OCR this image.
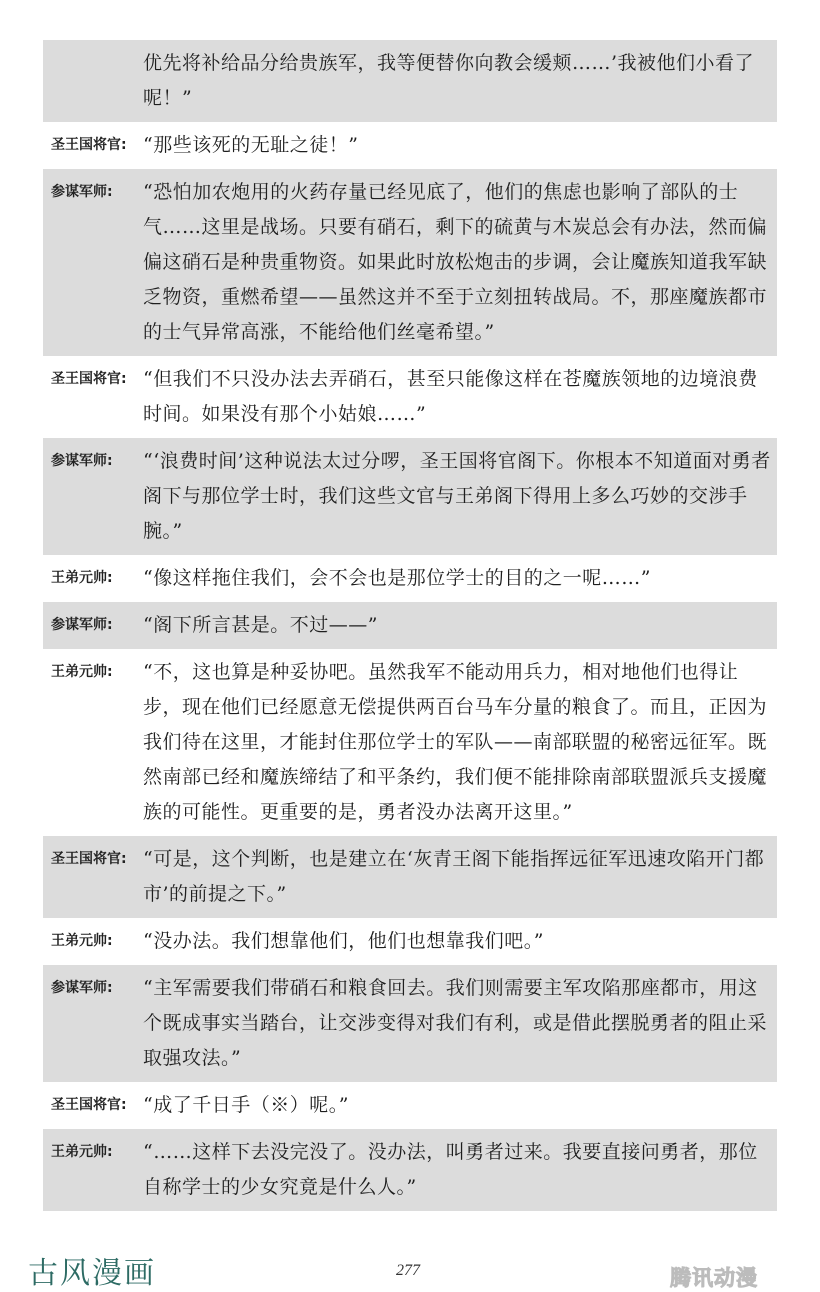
优先将补给品分给贵族军，我等便替你向教会缓颊……’我被他们小看了呢！”
圣王国将官: “那些该死的无耻之徒！”
参谋军师:	“恐怕加农炮用的火药存量已经见底了，他们的焦虑也影响了部队的士气……这里是战场。只要有硝石，剩下的硫黄与木炭总会有办法，然而偏偏这硝石是种贵重物资。如果此时放松炮击的步调，会让魔族知道我军缺乏物资，重燃希望——虽然这并不至于立刻扭转战局。不，那座魔族都市的士气异常高涨，不能给他们丝毫希望。”
圣王国将官: “但我们不只没办法去弄硝石，甚至只能像这样在苍魔族领地的边境浪费时间。如果没有那个小姑娘……”
参谋军师:	“‘浪费时间’这种说法太过分啰，圣王国将官阁下。你根本不知道面对勇者阁下与那位学士时，我们这些文官与王弟阁下得用上多么巧妙的交涉手腕。”
王弟元帅:	“像这样拖住我们，会不会也是那位学士的目的之一呢……”
参谋军师:	“阁下所言甚是。不过——”
王弟元帅:	“不，这也算是种妥协吧。虽然我军不能动用兵力，相对地他们也得让步，现在他们已经愿意无偿提供两百台马车分量的粮食了。而且，正因为我们待在这里，才能封住那位学士的军队——南部联盟的秘密远征军。既然南部已经和魔族缔结了和平条约，我们便不能排除南部联盟派兵支援魔族的可能性。更重要的是，勇者没办法离开这里。”
圣王国将官: “可是，这个判断，也是建立在‘灰青王阁下能指挥远征军迅速攻陷开门都市’的前提之下。”
王弟元帅:	“没办法。我们想靠他们，他们也想靠我们吧。”
参谋军师:	“主军需要我们带硝石和粮食回去。我们则需要主军攻陷那座都市，用这个既成事实当踏台，让交涉变得对我们有利，或是借此摆脱勇者的阻止采取强攻法。”
圣王国将官: “成了千日手（※）呢。”
王弟元帅:	“……这样下去没完没了。没办法，叫勇者过来。我要直接问勇者，那位自称学士的少女究竟是什么人。”
古风漫画	277	腾讯动漫
